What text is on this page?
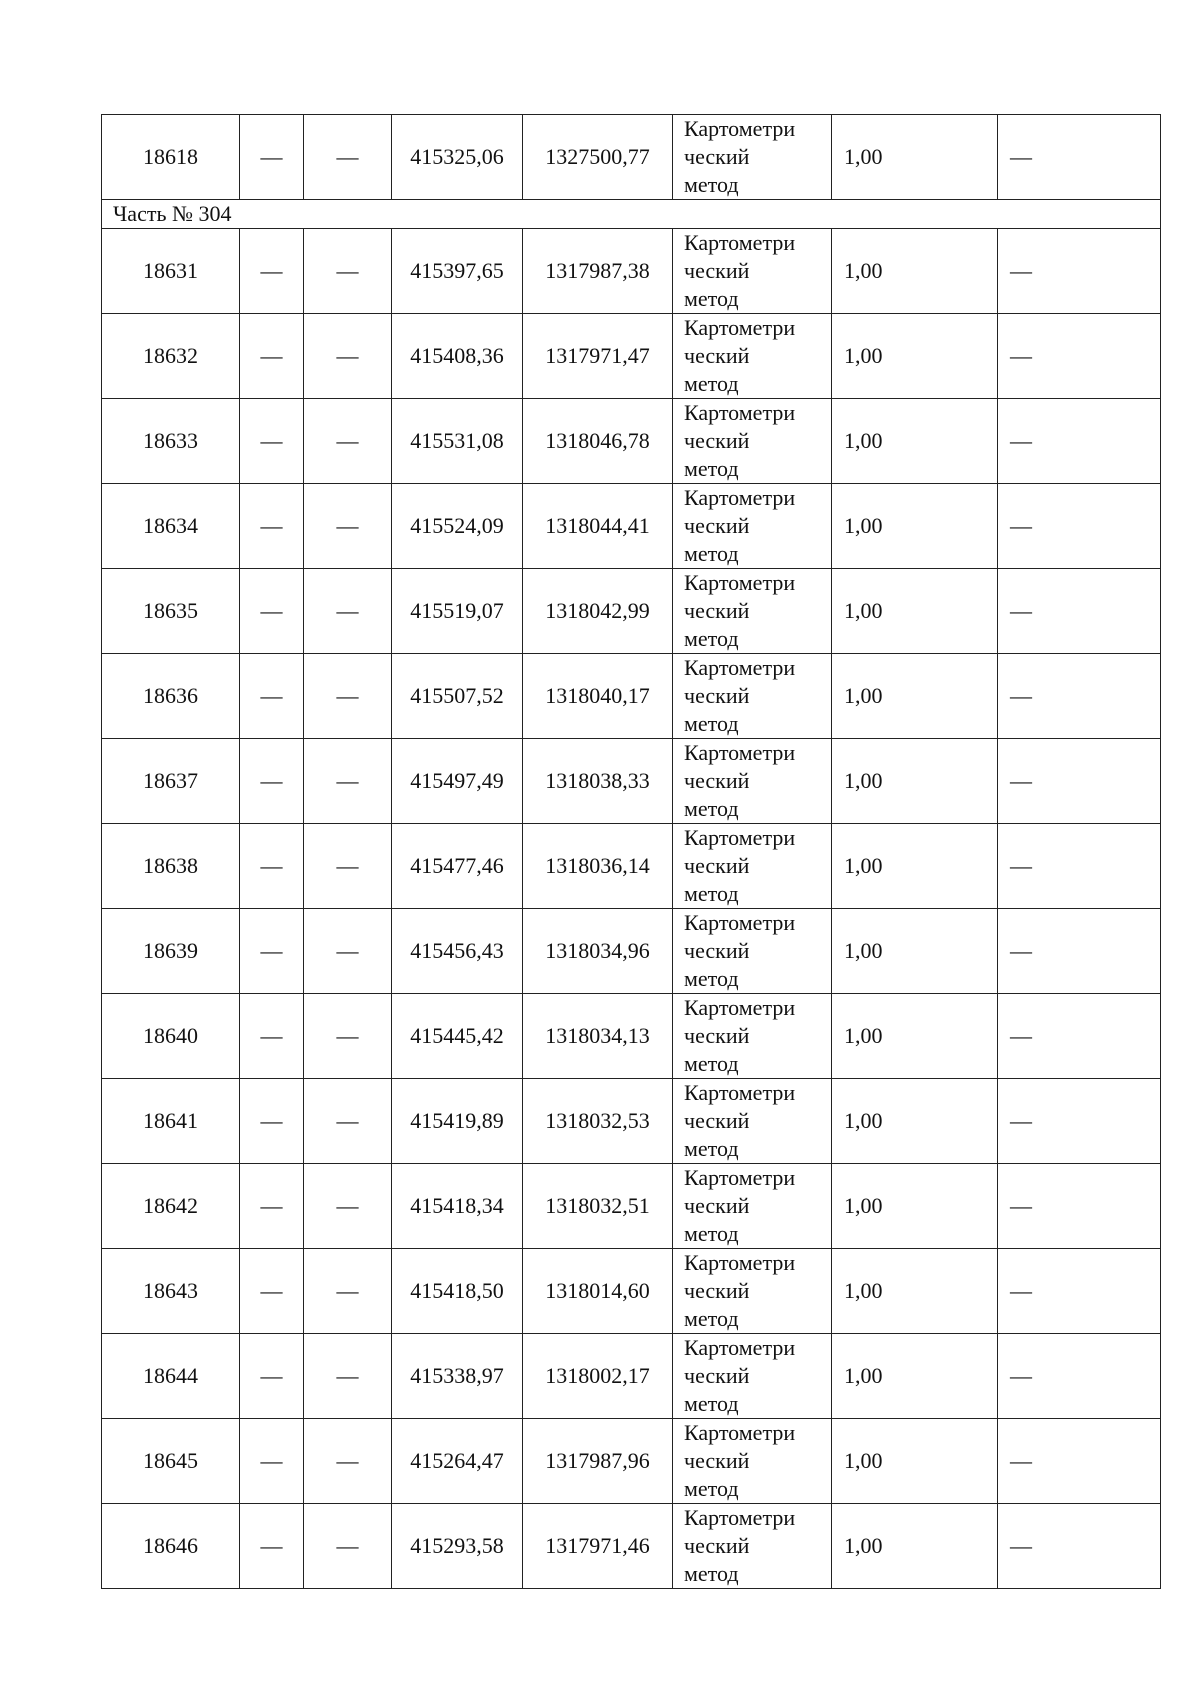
18618	—	—	415325,06	1327500,77	Картометри
ческий
метод	1,00	—
Часть № 304							
18631	—	—	415397,65	1317987,38	Картометри
ческий
метод	1,00	—
18632	—	—	415408,36	1317971,47	Картометри
ческий
метод	1,00	—
18633	—	—	415531,08	1318046,78	Картометри
ческий
метод	1,00	—
18634	—	—	415524,09	1318044,41	Картометри
ческий
метод	1,00	—
18635	—	—	415519,07	1318042,99	Картометри
ческий
метод	1,00	—
18636	—	—	415507,52	1318040,17	Картометри
ческий
метод	1,00	—
18637	—	—	415497,49	1318038,33	Картометри
ческий
метод	1,00	—
18638	—	—	415477,46	1318036,14	Картометри
ческий
метод	1,00	—
18639	—	—	415456,43	1318034,96	Картометри
ческий
метод	1,00	—
18640	—	—	415445,42	1318034,13	Картометри
ческий
метод	1,00	—
18641	—	—	415419,89	1318032,53	Картометри
ческий
метод	1,00	—
18642	—	—	415418,34	1318032,51	Картометри
ческий
метод	1,00	—
18643	—	—	415418,50	1318014,60	Картометри
ческий
метод	1,00	—
18644	—	—	415338,97	1318002,17	Картометри
ческий
метод	1,00	—
18645	—	—	415264,47	1317987,96	Картометри
ческий
метод	1,00	—
18646	—	—	415293,58	1317971,46	Картометри
ческий
метод	1,00	—
